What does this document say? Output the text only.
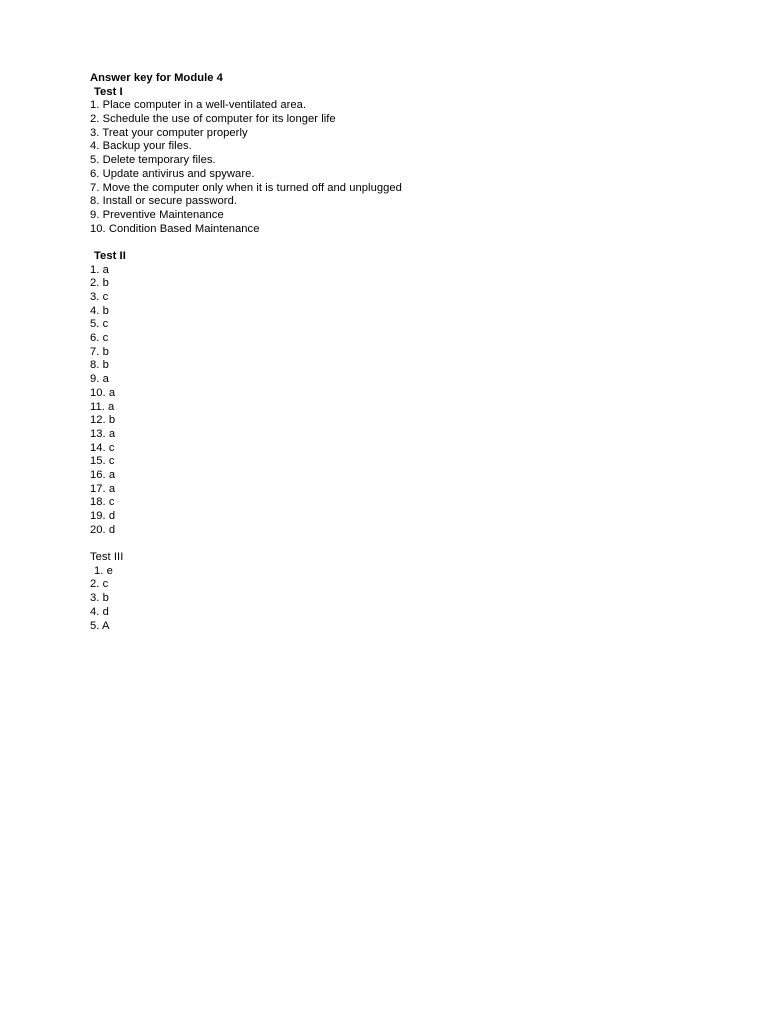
Answer key for Module 4
Test I
1. Place computer in a well-ventilated area.
2. Schedule the use of computer for its longer life
3. Treat your computer properly
4. Backup your files.
5. Delete temporary files.
6. Update antivirus and spyware.
7. Move the computer only when it is turned off and unplugged
8. Install or secure password.
9. Preventive Maintenance
10. Condition Based Maintenance
Test II
1. a
2. b
3. c
4. b
5. c
6. c
7. b
8. b
9. a
10. a
11. a
12. b
13. a
14. c
15. c
16. a
17. a
18. c
19. d
20. d
Test III
1. e
2. c
3. b
4. d
5. A
